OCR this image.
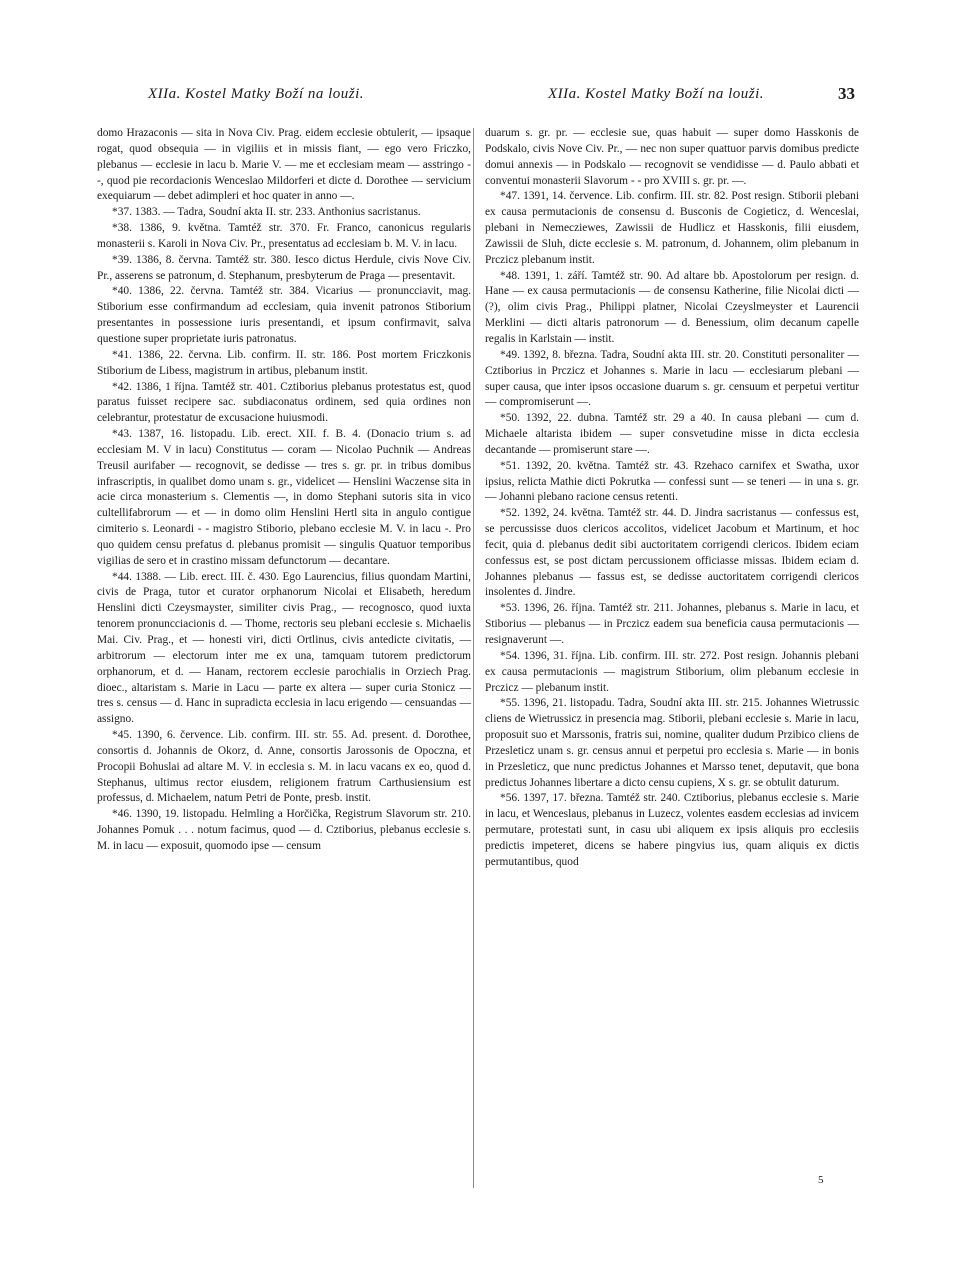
XIIa. Kostel Matky Boží na louži.	XIIa. Kostel Matky Boží na louži.	33

domo Hrazaconis — sita in Nova Civ. Prag. eidem ecclesie obtulerit, — ipsaque rogat, quod obsequia — in vigiliis et in missis fiant, — ego vero Friczko, plebanus — ecclesie in lacu b. Marie V. — me et ecclesiam meam — asstringo - -, quod pie recordacionis Wenceslao Mildorferi et dicte d. Dorothee — servicium exequiarum — debet adimpleri et hoc quater in anno —.

*37. 1383. — Tadra, Soudní akta II. str. 233. Anthonius sacristanus.

*38. 1386, 9. května. Tamtéž str. 370. Fr. Franco, canonicus regularis monasterii s. Karoli in Nova Civ. Pr., presentatus ad ecclesiam b. M. V. in lacu.

*39. 1386, 8. června. Tamtéž str. 380. Iesco dictus Herdule, civis Nove Civ. Pr., asserens se patronum, d. Stephanum, presbyterum de Praga — presentavit.

*40. 1386, 22. června. Tamtéž str. 384. Vicarius — pronuncciavit, mag. Stiborium esse confirmandum ad ecclesiam, quia invenit patronos Stiborium presentantes in possessione iuris presentandi, et ipsum confirmavit, salva questione super proprietate iuris patronatus.

*41. 1386, 22. června. Lib. confirm. II. str. 186. Post mortem Friczkonis Stiborium de Libess, magistrum in artibus, plebanum instit.

*42. 1386, 1 října. Tamtéž str. 401. Cztiborius plebanus protestatus est, quod paratus fuisset recipere sac. subdiaconatus ordinem, sed quia ordines non celebrantur, protestatur de excusacione huiusmodi.

*43. 1387, 16. listopadu. Lib. erect. XII. f. B. 4. (Donacio trium s. ad ecclesiam M. V in lacu) Constitutus — coram — Nicolao Puchnik — Andreas Treusil aurifaber — recognovit, se dedisse — tres s. gr. pr. in tribus domibus infrascriptis, in qualibet domo unam s. gr., videlicet — Henslini Waczense sita in acie circa monasterium s. Clementis —, in domo Stephani sutoris sita in vico cultellifabrorum — et — in domo olim Henslini Hertl sita in angulo contigue cimiterio s. Leonardi - - magistro Stiborio, plebano ecclesie M. V. in lacu -. Pro quo quidem censu prefatus d. plebanus promisit — singulis Quatuor temporibus vigilias de sero et in crastino missam defunctorum — decantare.

*44. 1388. — Lib. erect. III. č. 430. Ego Laurencius, filius quondam Martini, civis de Praga, tutor et curator orphanorum Nicolai et Elisabeth, heredum Henslini dicti Czeysmayster, similiter civis Prag., — recognosco, quod iuxta tenorem pronuncciacionis d. — Thome, rectoris seu plebani ecclesie s. Michaelis Mai. Civ. Prag., et — honesti viri, dicti Ortlinus, civis antedicte civitatis, — arbitrorum — electorum inter me ex una, tamquam tutorem predictorum orphanorum, et d. — Hanam, rectorem ecclesie parochialis in Orziech Prag. dioec., altaristam s. Marie in Lacu — parte ex altera — super curia Stonicz — tres s. census — d. Hanc in supradicta ecclesia in lacu erigendo — censuandas — assigno.

*45. 1390, 6. července. Lib. confirm. III. str. 55. Ad. present. d. Dorothee, consortis d. Johannis de Okorz, d. Anne, consortis Jarossonis de Opoczna, et Procopii Bohuslai ad altare M. V. in ecclesia s. M. in lacu vacans ex eo, quod d. Stephanus, ultimus rector eiusdem, religionem fratrum Carthusiensium est professus, d. Michaelem, natum Petri de Ponte, presb. instit.

*46. 1390, 19. listopadu. Helmling a Horčička, Registrum Slavorum str. 210. Johannes Pomuk . . . notum facimus, quod — d. Cztiborius, plebanus ecclesie s. M. in lacu — exposuit, quomodo ipse — censum

duarum s. gr. pr. — ecclesie sue, quas habuit — super domo Hasskonis de Podskalo, civis Nove Civ. Pr., — nec non super quattuor parvis domibus predicte domui annexis — in Podskalo — recognovit se vendidisse — d. Paulo abbati et conventui monasterii Slavorum - - pro XVIII s. gr. pr. —.

*47. 1391, 14. července. Lib. confirm. III. str. 82. Post resign. Stiborii plebani ex causa permutacionis de consensu d. Busconis de Cogieticz, d. Wenceslai, plebani in Nemecziewes, Zawissii de Hudlicz et Hasskonis, filii eiusdem, Zawissii de Sluh, dicte ecclesie s. M. patronum, d. Johannem, olim plebanum in Prczicz plebanum instit.

*48. 1391, 1. září. Tamtéž str. 90. Ad altare bb. Apostolorum per resign. d. Hane — ex causa permutacionis — de consensu Katherine, filie Nicolai dicti — (?), olim civis Prag., Philippi platner, Nicolai Czeyslmeyster et Laurencii Merklini — dicti altaris patronorum — d. Benessium, olim decanum capelle regalis in Karlstain — instit.

*49. 1392, 8. března. Tadra, Soudní akta III. str. 20. Constituti personaliter — Cztiborius in Prczicz et Johannes s. Marie in lacu — ecclesiarum plebani — super causa, que inter ipsos occasione duarum s. gr. censuum et perpetui vertitur — compromiserunt —.

*50. 1392, 22. dubna. Tamtéž str. 29 a 40. In causa plebani — cum d. Michaele altarista ibidem — super consvetudine misse in dicta ecclesia decantande — promiserunt stare —.

*51. 1392, 20. května. Tamtéž str. 43. Rzehaco carnifex et Swatha, uxor ipsius, relicta Mathie dicti Pokrutka — confessi sunt — se teneri — in una s. gr. — Johanni plebano racione census retenti.

*52. 1392, 24. května. Tamtéž str. 44. D. Jindra sacristanus — confessus est, se percussisse duos clericos accolitos, videlicet Jacobum et Martinum, et hoc fecit, quia d. plebanus dedit sibi auctoritatem corrigendi clericos. Ibidem eciam confessus est, se post dictam percussionem officiasse missas. Ibidem eciam d. Johannes plebanus — fassus est, se dedisse auctoritatem corrigendi clericos insolentes d. Jindre.

*53. 1396, 26. října. Tamtéž str. 211. Johannes, plebanus s. Marie in lacu, et Stiborius — plebanus — in Prczicz eadem sua beneficia causa permutacionis — resignaverunt —.

*54. 1396, 31. října. Lib. confirm. III. str. 272. Post resign. Johannis plebani ex causa permutacionis — magistrum Stiborium, olim plebanum ecclesie in Prczicz — plebanum instit.

*55. 1396, 21. listopadu. Tadra, Soudní akta III. str. 215. Johannes Wietrussic cliens de Wietrussicz in presencia mag. Stiborii, plebani ecclesie s. Marie in lacu, proposuit suo et Marssonis, fratris sui, nomine, qualiter dudum Przibico cliens de Przesleticz unam s. gr. census annui et perpetui pro ecclesia s. Marie — in bonis in Przesleticz, que nunc predictus Johannes et Marsso tenet, deputavit, que bona predictus Johannes libertare a dicto censu cupiens, X s. gr. se obtulit daturum.

*56. 1397, 17. března. Tamtéž str. 240. Cztiborius, plebanus ecclesie s. Marie in lacu, et Wenceslaus, plebanus in Luzecz, volentes easdem ecclesias ad invicem permutare, protestati sunt, in casu ubi aliquem ex ipsis aliquis pro ecclesiis predictis impeteret, dicens se habere pingvius ius, quam aliquis ex dictis permutantibus, quod

5
